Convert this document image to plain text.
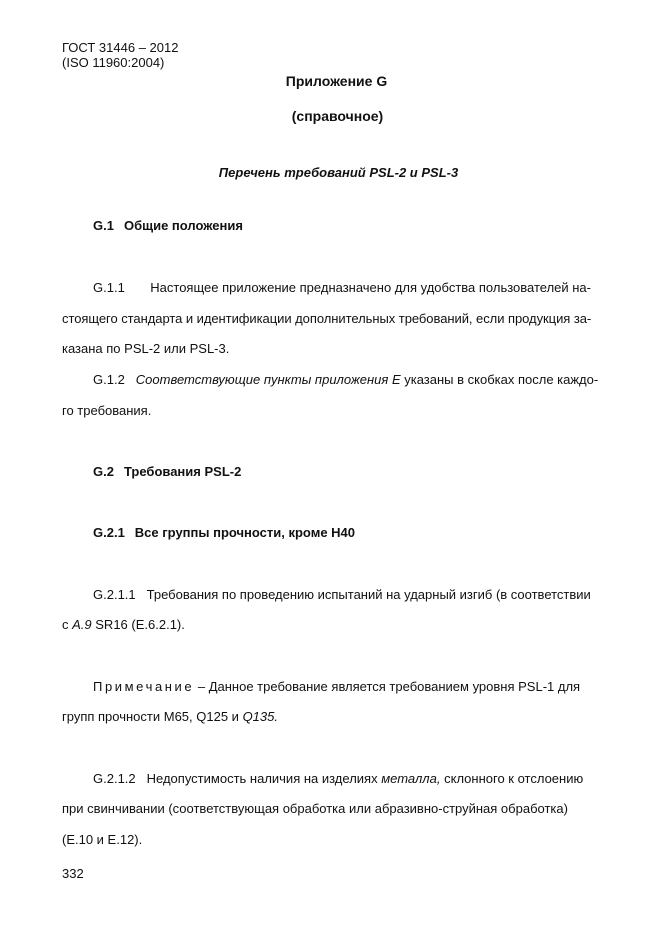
ГОСТ 31446 – 2012
(ISO 11960:2004)
Приложение G
(справочное)
Перечень требований PSL-2 и PSL-3
G.1 Общие положения
G.1.1 Настоящее приложение предназначено для удобства пользователей на-
стоящего стандарта и идентификации дополнительных требований, если продукция за-
казана по PSL-2 или PSL-3.
G.1.2 Соответствующие пункты приложения E указаны в скобках после каждо-
го требования.
G.2 Требования PSL-2
G.2.1 Все группы прочности, кроме H40
G.2.1.1 Требования по проведению испытаний на ударный изгиб (в соответствии
с A.9 SR16 (E.6.2.1).
Примечание – Данное требование является требованием уровня PSL-1 для
групп прочности M65, Q125 и Q135.
G.2.1.2 Недопустимость наличия на изделиях металла, склонного к отслоению
при свинчивании (соответствующая обработка или абразивно-струйная обработка)
(E.10 и E.12).
332
